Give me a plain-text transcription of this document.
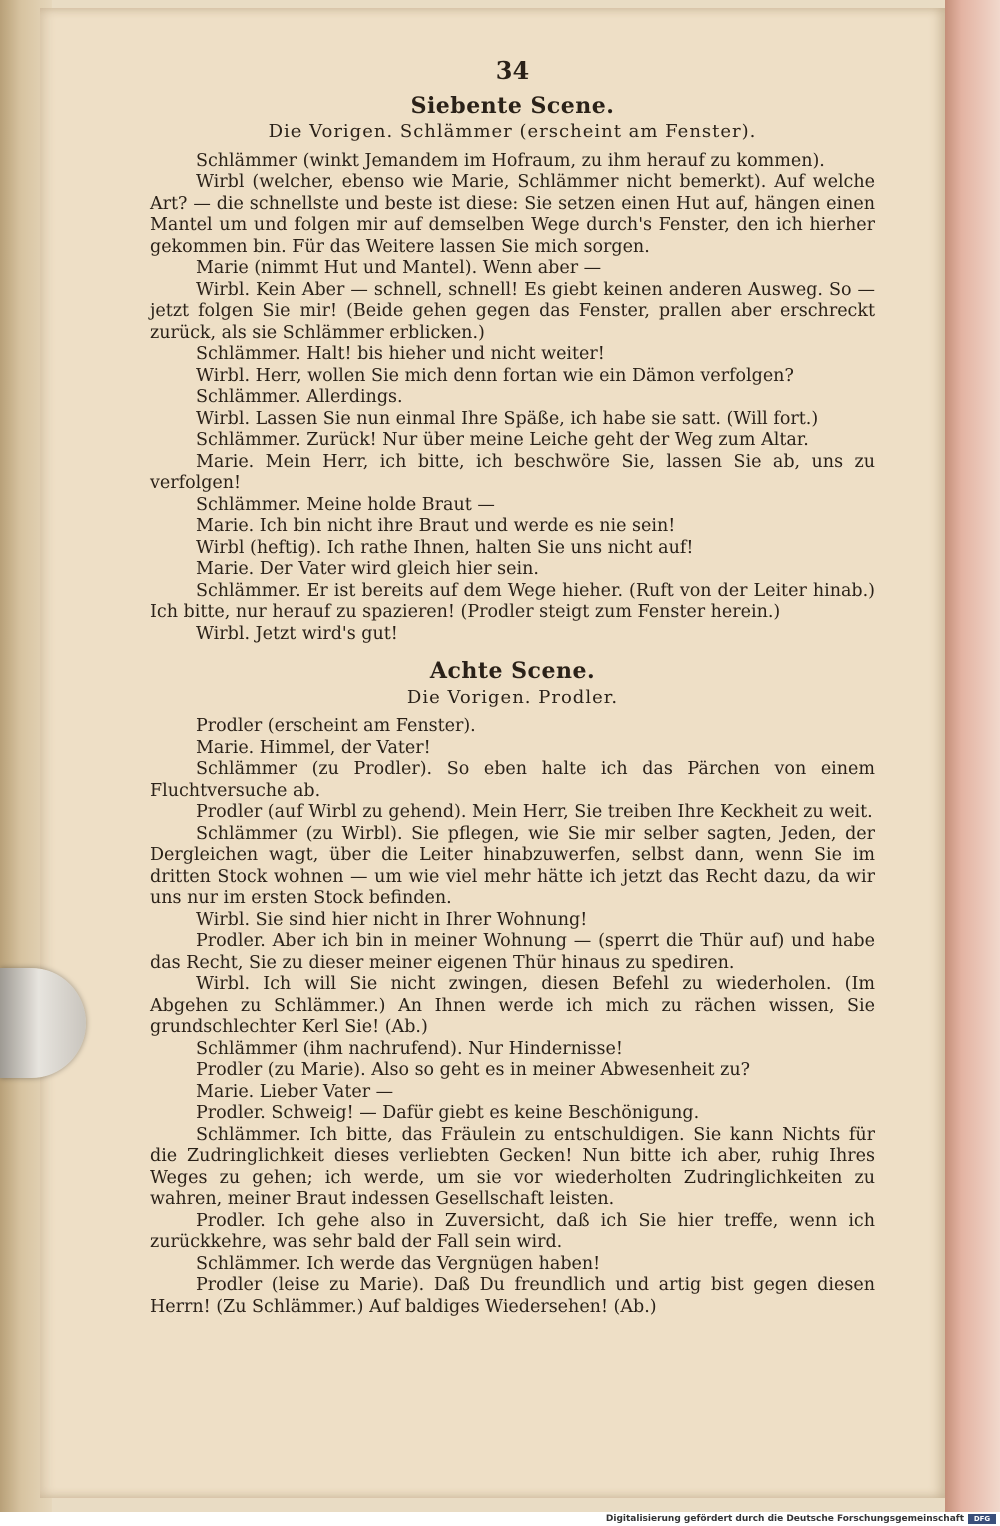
34
Siebente Scene.
Die Vorigen. Schlämmer (erscheint am Fenster).

Schlämmer (winkt Jemandem im Hofraum, zu ihm herauf zu kommen).

Wirbl (welcher, ebenso wie Marie, Schlämmer nicht bemerkt). Auf welche Art? — die schnellste und beste ist diese: Sie setzen einen Hut auf, hängen einen Mantel um und folgen mir auf demselben Wege durch's Fenster, den ich hierher gekommen bin. Für das Weitere lassen Sie mich sorgen.

Marie (nimmt Hut und Mantel). Wenn aber —

Wirbl. Kein Aber — schnell, schnell! Es giebt keinen anderen Ausweg. So — jetzt folgen Sie mir! (Beide gehen gegen das Fenster, prallen aber erschreckt zurück, als sie Schlämmer erblicken.)

Schlämmer. Halt! bis hieher und nicht weiter!

Wirbl. Herr, wollen Sie mich denn fortan wie ein Dämon verfolgen?

Schlämmer. Allerdings.

Wirbl. Lassen Sie nun einmal Ihre Späße, ich habe sie satt. (Will fort.)

Schlämmer. Zurück! Nur über meine Leiche geht der Weg zum Altar.

Marie. Mein Herr, ich bitte, ich beschwöre Sie, lassen Sie ab, uns zu verfolgen!

Schlämmer. Meine holde Braut —

Marie. Ich bin nicht ihre Braut und werde es nie sein!

Wirbl (heftig). Ich rathe Ihnen, halten Sie uns nicht auf!

Marie. Der Vater wird gleich hier sein.

Schlämmer. Er ist bereits auf dem Wege hieher. (Ruft von der Leiter hinab.) Ich bitte, nur herauf zu spazieren! (Prodler steigt zum Fenster herein.)

Wirbl. Jetzt wird's gut!

Achte Scene.
Die Vorigen. Prodler.

Prodler (erscheint am Fenster).

Marie. Himmel, der Vater!

Schlämmer (zu Prodler). So eben halte ich das Pärchen von einem Fluchtversuche ab.

Prodler (auf Wirbl zu gehend). Mein Herr, Sie treiben Ihre Keckheit zu weit.

Schlämmer (zu Wirbl). Sie pflegen, wie Sie mir selber sagten, Jeden, der Dergleichen wagt, über die Leiter hinabzuwerfen, selbst dann, wenn Sie im dritten Stock wohnen — um wie viel mehr hätte ich jetzt das Recht dazu, da wir uns nur im ersten Stock befinden.

Wirbl. Sie sind hier nicht in Ihrer Wohnung!

Prodler. Aber ich bin in meiner Wohnung — (sperrt die Thür auf) und habe das Recht, Sie zu dieser meiner eigenen Thür hinaus zu spediren.

Wirbl. Ich will Sie nicht zwingen, diesen Befehl zu wiederholen. (Im Abgehen zu Schlämmer.) An Ihnen werde ich mich zu rächen wissen, Sie grundschlechter Kerl Sie! (Ab.)

Schlämmer (ihm nachrufend). Nur Hindernisse!

Prodler (zu Marie). Also so geht es in meiner Abwesenheit zu?

Marie. Lieber Vater —

Prodler. Schweig! — Dafür giebt es keine Beschönigung.

Schlämmer. Ich bitte, das Fräulein zu entschuldigen. Sie kann Nichts für die Zudringlichkeit dieses verliebten Gecken! Nun bitte ich aber, ruhig Ihres Weges zu gehen; ich werde, um sie vor wiederholten Zudringlichkeiten zu wahren, meiner Braut indessen Gesellschaft leisten.

Prodler. Ich gehe also in Zuversicht, daß ich Sie hier treffe, wenn ich zurückkehre, was sehr bald der Fall sein wird.

Schlämmer. Ich werde das Vergnügen haben!

Prodler (leise zu Marie). Daß Du freundlich und artig bist gegen diesen Herrn! (Zu Schlämmer.) Auf baldiges Wiedersehen! (Ab.)

Digitalisierung gefördert durch die Deutsche Forschungsgemeinschaft	DFG
